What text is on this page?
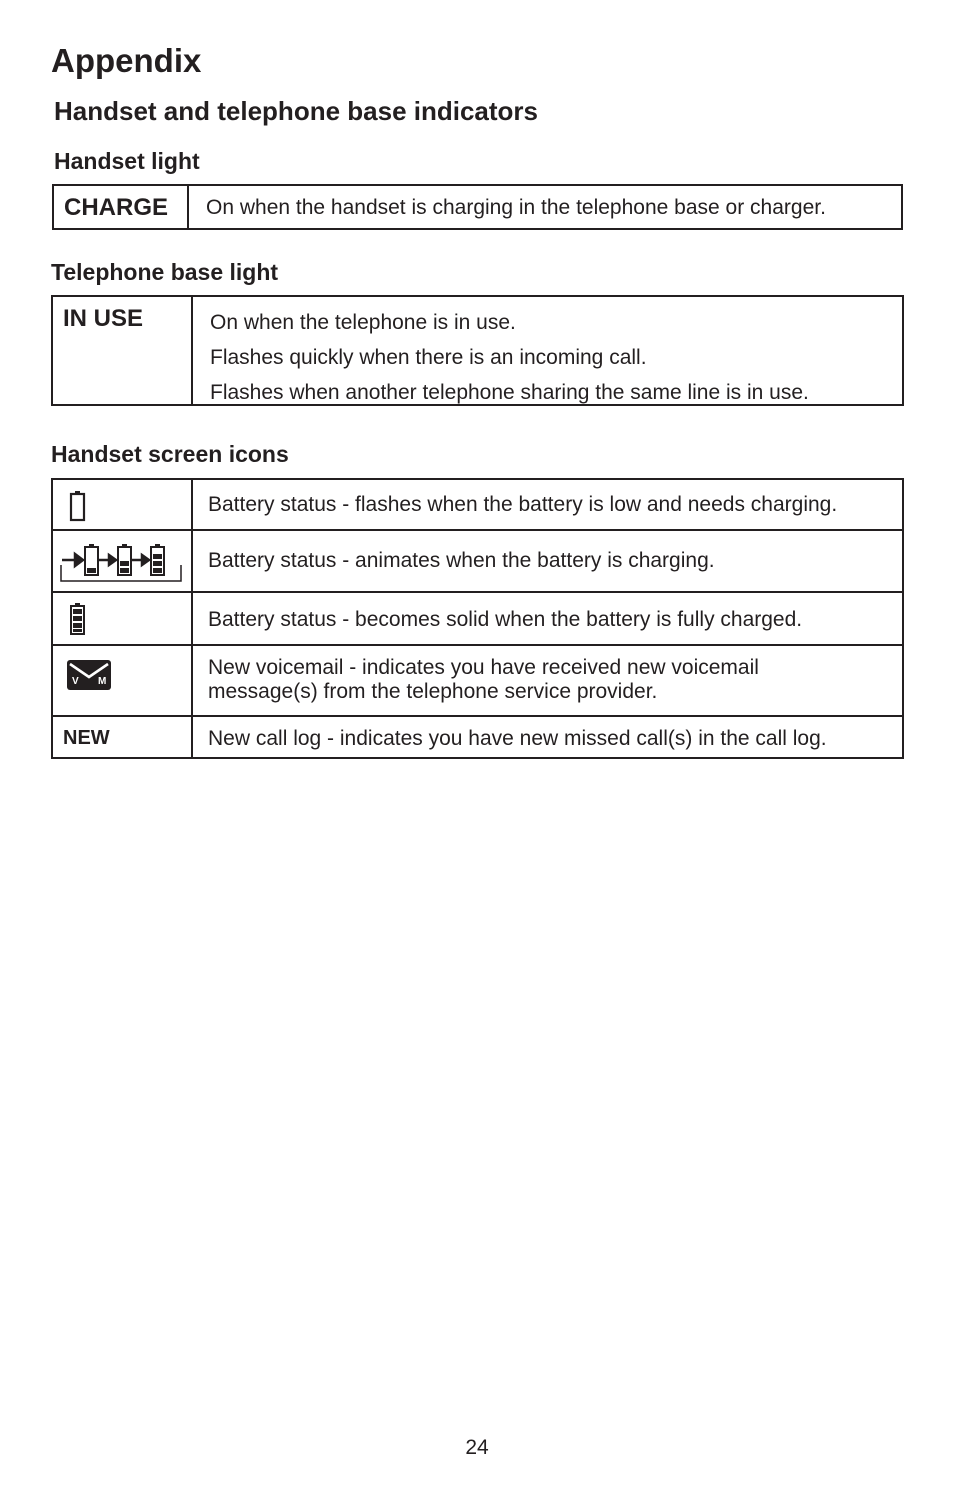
Appendix
Handset and telephone base indicators
Handset light
CHARGE On when the handset is charging in the telephone base or charger.
Telephone base light
IN USE	On when the telephone is in use.
Flashes quickly when there is an incoming call.
Flashes when another telephone sharing the same line is in use.
Handset screen icons
Battery status - flashes when the battery is low and needs charging.
Battery status - animates when the battery is charging.
Battery status - becomes solid when the battery is fully charged.
V M
New voicemail - indicates you have received new voicemail
message(s) from the telephone service provider.
NEW	New call log - indicates you have new missed call(s) in the call log.
24
